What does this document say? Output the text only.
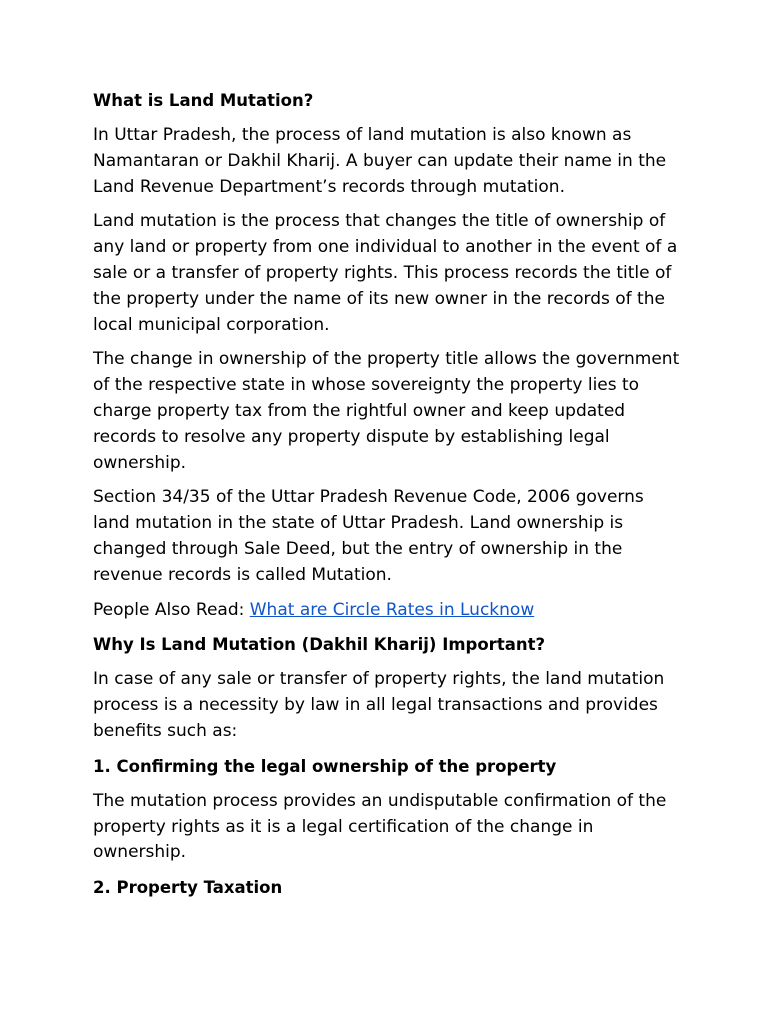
What is Land Mutation?

In Uttar Pradesh, the process of land mutation is also known as Namantaran or Dakhil Kharij. A buyer can update their name in the Land Revenue Department’s records through mutation.

Land mutation is the process that changes the title of ownership of any land or property from one individual to another in the event of a sale or a transfer of property rights. This process records the title of the property under the name of its new owner in the records of the local municipal corporation.

The change in ownership of the property title allows the government of the respective state in whose sovereignty the property lies to charge property tax from the rightful owner and keep updated records to resolve any property dispute by establishing legal ownership.

Section 34/35 of the Uttar Pradesh Revenue Code, 2006 governs land mutation in the state of Uttar Pradesh. Land ownership is changed through Sale Deed, but the entry of ownership in the revenue records is called Mutation.

People Also Read: What are Circle Rates in Lucknow

Why Is Land Mutation (Dakhil Kharij) Important?

In case of any sale or transfer of property rights, the land mutation process is a necessity by law in all legal transactions and provides benefits such as:

1. Confirming the legal ownership of the property

The mutation process provides an undisputable confirmation of the property rights as it is a legal certification of the change in ownership.

2. Property Taxation
